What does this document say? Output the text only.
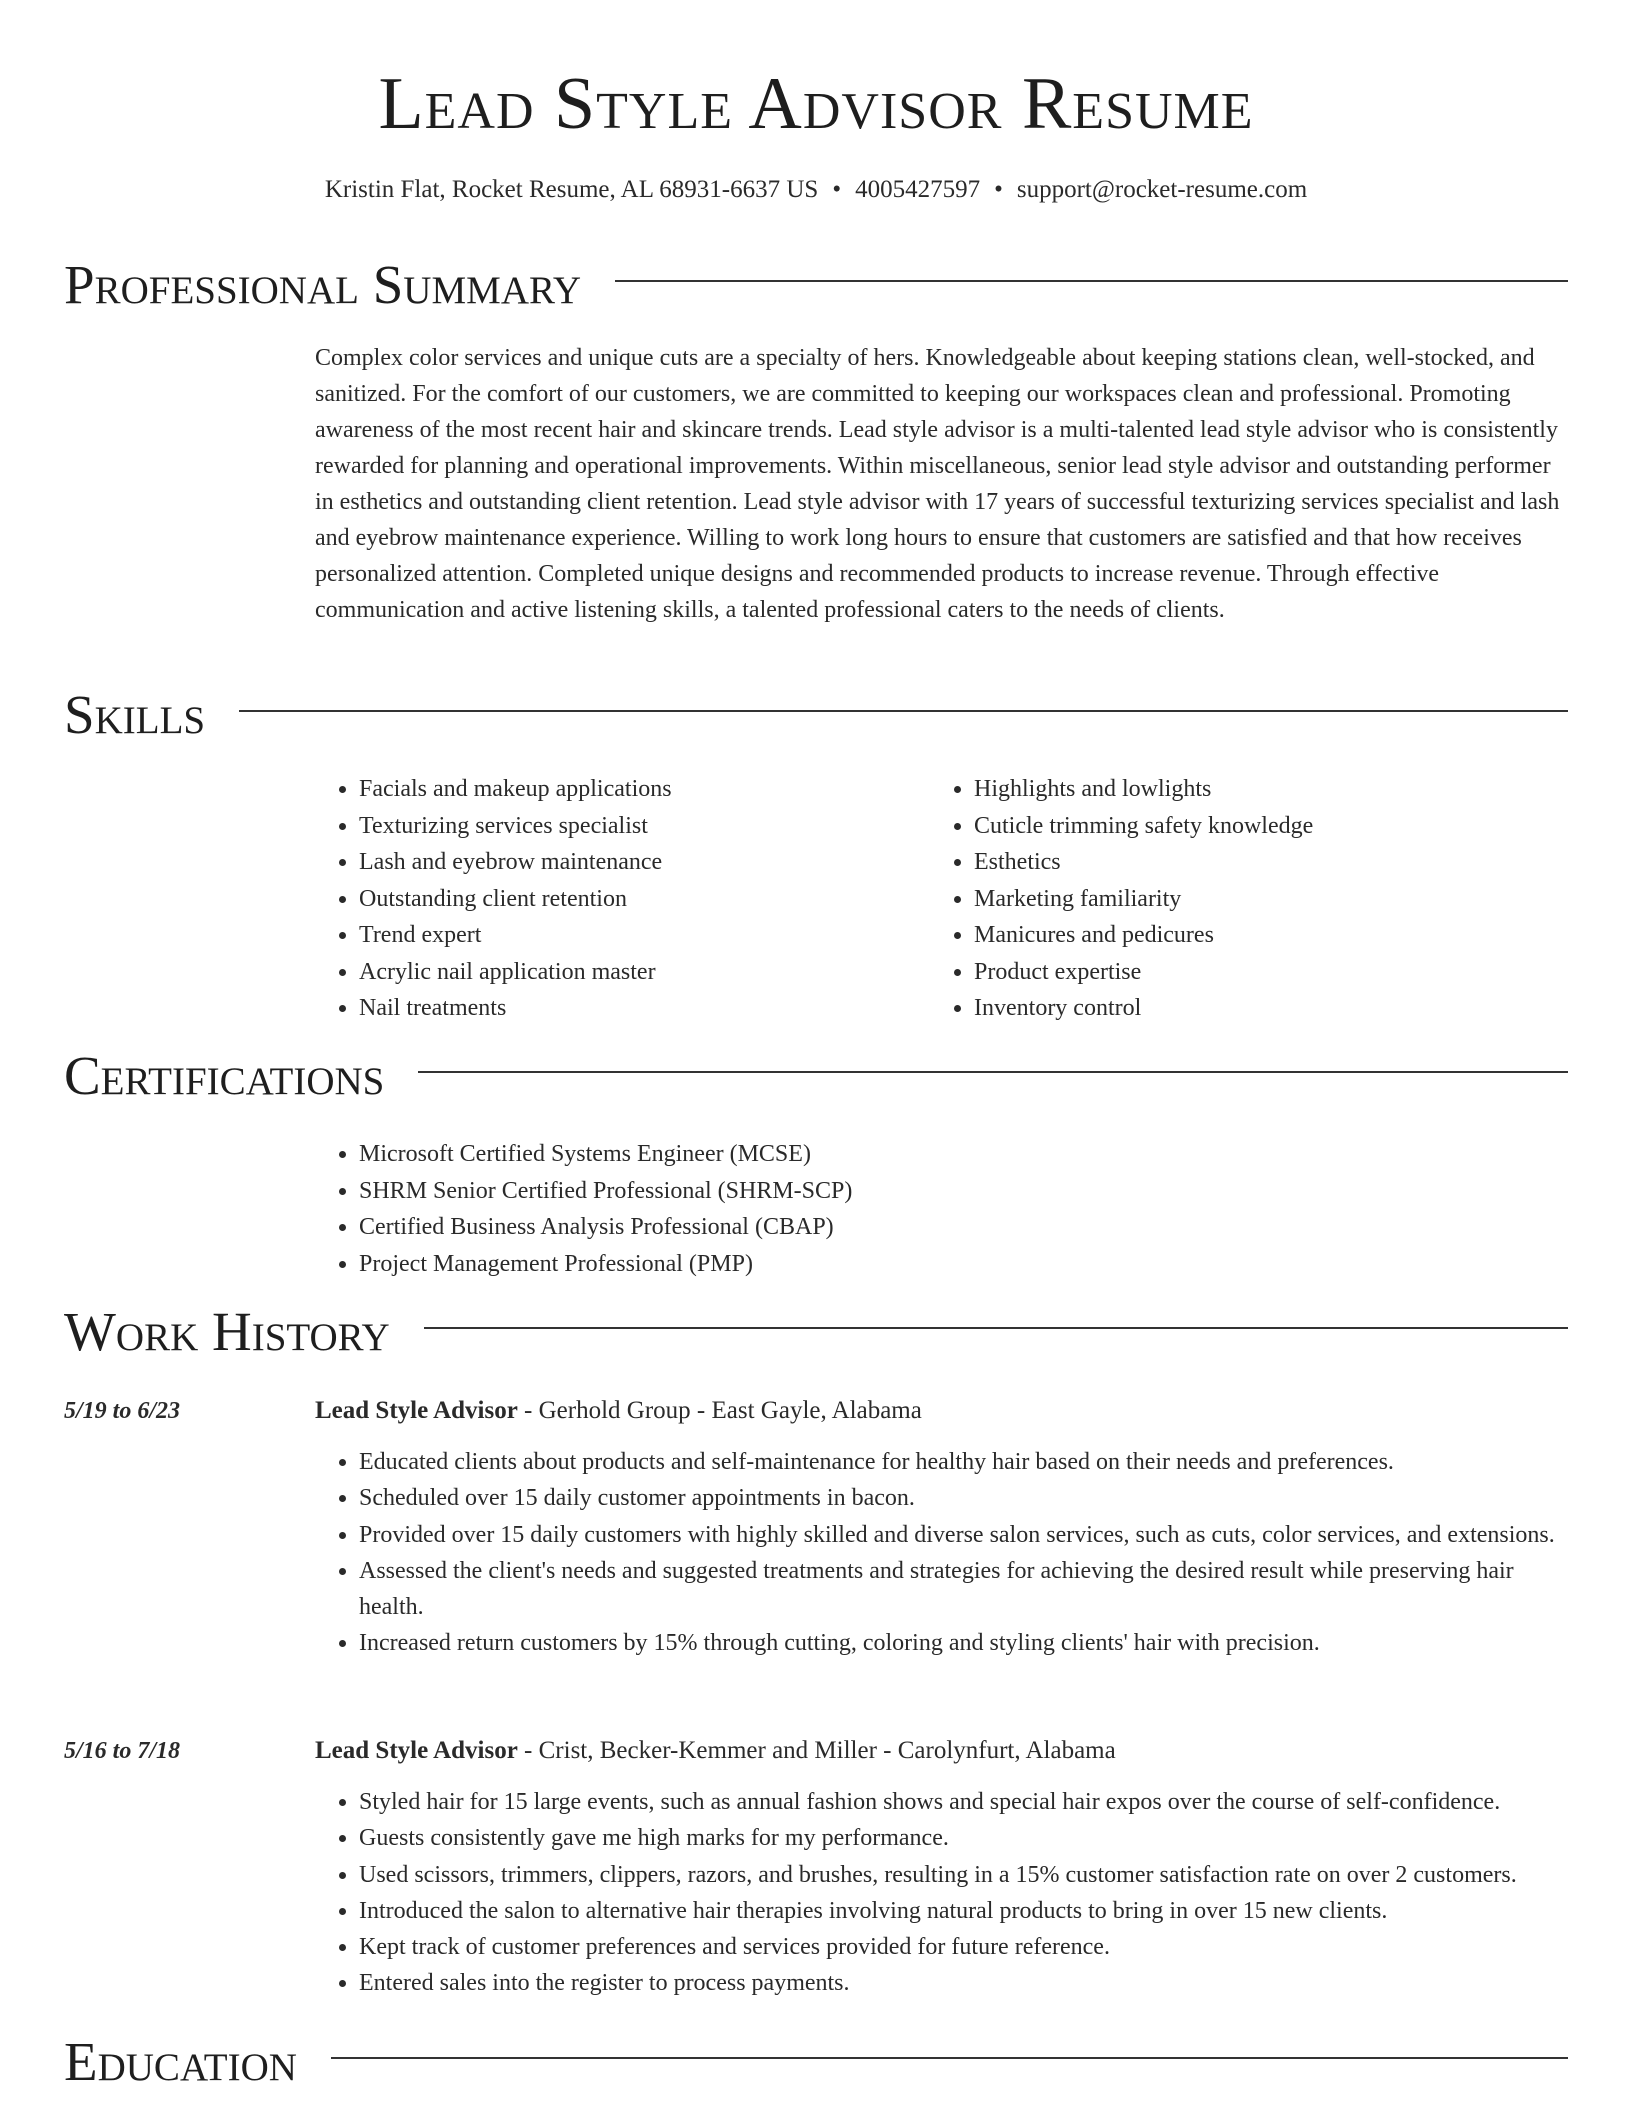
Lead Style Advisor Resume
Kristin Flat, Rocket Resume, AL 68931-6637 US • 4005427597 • support@rocket-resume.com
Professional Summary

Complex color services and unique cuts are a specialty of hers. Knowledgeable about keeping stations clean, well-stocked, and sanitized. For the comfort of our customers, we are committed to keeping our workspaces clean and professional. Promoting awareness of the most recent hair and skincare trends. Lead style advisor is a multi-talented lead style advisor who is consistently rewarded for planning and operational improvements. Within miscellaneous, senior lead style advisor and outstanding performer in esthetics and outstanding client retention. Lead style advisor with 17 years of successful texturizing services specialist and lash and eyebrow maintenance experience. Willing to work long hours to ensure that customers are satisfied and that how receives personalized attention. Completed unique designs and recommended products to increase revenue. Through effective communication and active listening skills, a talented professional caters to the needs of clients.

Skills
• Facials and makeup applications
• Texturizing services specialist
• Lash and eyebrow maintenance
• Outstanding client retention
• Trend expert
• Acrylic nail application master
• Nail treatments
• Highlights and lowlights
• Cuticle trimming safety knowledge
• Esthetics
• Marketing familiarity
• Manicures and pedicures
• Product expertise
• Inventory control
Certifications
• Microsoft Certified Systems Engineer (MCSE)
• SHRM Senior Certified Professional (SHRM-SCP)
• Certified Business Analysis Professional (CBAP)
• Project Management Professional (PMP)
Work History
5/19 to 6/23	Lead Style Advisor - Gerhold Group - East Gayle, Alabama
• Educated clients about products and self-maintenance for healthy hair based on their needs and preferences.
• Scheduled over 15 daily customer appointments in bacon.
• Provided over 15 daily customers with highly skilled and diverse salon services, such as cuts, color services, and extensions.
• Assessed the client's needs and suggested treatments and strategies for achieving the desired result while preserving hair health.
• Increased return customers by 15% through cutting, coloring and styling clients' hair with precision.
5/16 to 7/18	Lead Style Advisor - Crist, Becker-Kemmer and Miller - Carolynfurt, Alabama
• Styled hair for 15 large events, such as annual fashion shows and special hair expos over the course of self-confidence.
• Guests consistently gave me high marks for my performance.
• Used scissors, trimmers, clippers, razors, and brushes, resulting in a 15% customer satisfaction rate on over 2 customers.
• Introduced the salon to alternative hair therapies involving natural products to bring in over 15 new clients.
• Kept track of customer preferences and services provided for future reference.
• Entered sales into the register to process payments.
Education
